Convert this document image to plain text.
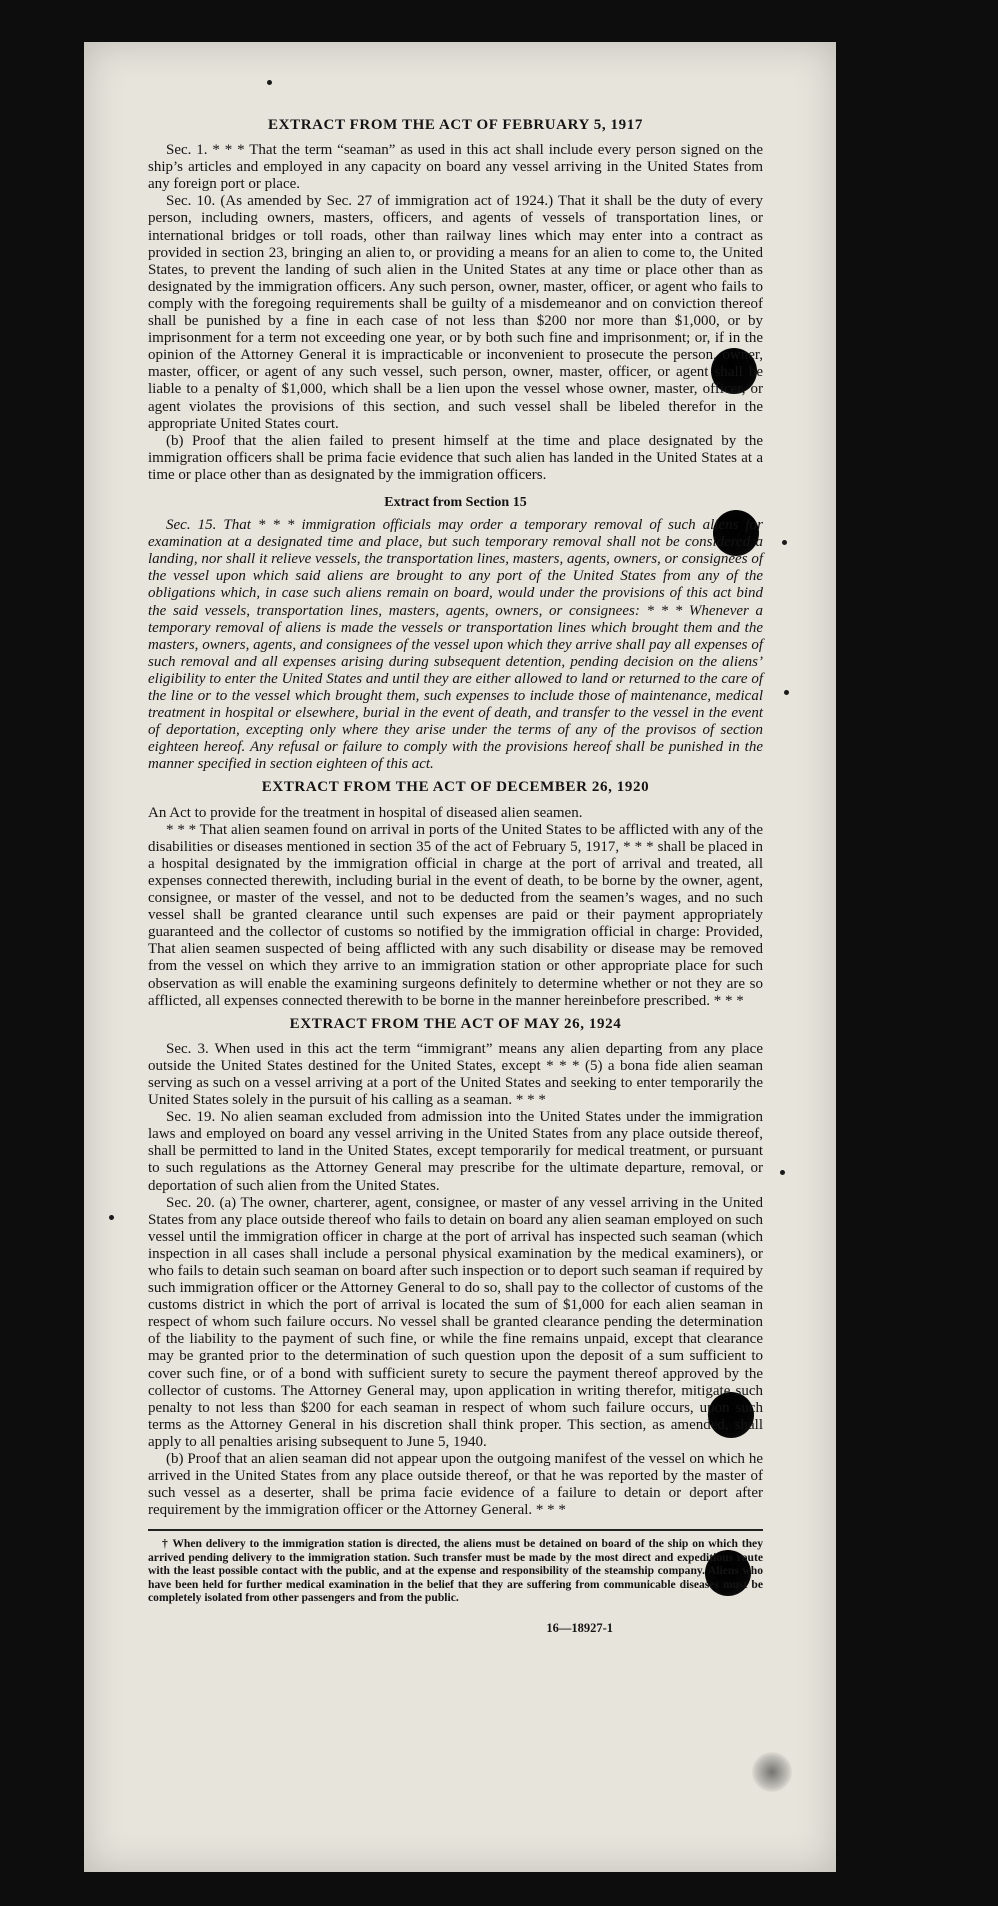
EXTRACT FROM THE ACT OF FEBRUARY 5, 1917

Sec. 1. * * * That the term “seaman” as used in this act shall include every person signed on the ship’s articles and employed in any capacity on board any vessel arriving in the United States from any foreign port or place.

Sec. 10. (As amended by Sec. 27 of immigration act of 1924.) That it shall be the duty of every person, including owners, masters, officers, and agents of vessels of transportation lines, or international bridges or toll roads, other than railway lines which may enter into a contract as provided in section 23, bringing an alien to, or providing a means for an alien to come to, the United States, to prevent the landing of such alien in the United States at any time or place other than as designated by the immigration officers. Any such person, owner, master, officer, or agent who fails to comply with the foregoing requirements shall be guilty of a misdemeanor and on conviction thereof shall be punished by a fine in each case of not less than $200 nor more than $1,000, or by imprisonment for a term not exceeding one year, or by both such fine and imprisonment; or, if in the opinion of the Attorney General it is impracticable or inconvenient to prosecute the person, owner, master, officer, or agent of any such vessel, such person, owner, master, officer, or agent shall be liable to a penalty of $1,000, which shall be a lien upon the vessel whose owner, master, officer, or agent violates the provisions of this section, and such vessel shall be libeled therefor in the appropriate United States court.

(b) Proof that the alien failed to present himself at the time and place designated by the immigration officers shall be prima facie evidence that such alien has landed in the United States at a time or place other than as designated by the immigration officers.

Extract from Section 15

Sec. 15. That * * * immigration officials may order a temporary removal of such aliens for examination at a designated time and place, but such temporary removal shall not be considered a landing, nor shall it relieve vessels, the transportation lines, masters, agents, owners, or consignees of the vessel upon which said aliens are brought to any port of the United States from any of the obligations which, in case such aliens remain on board, would under the provisions of this act bind the said vessels, transportation lines, masters, agents, owners, or consignees: * * * Whenever a temporary removal of aliens is made the vessels or transportation lines which brought them and the masters, owners, agents, and consignees of the vessel upon which they arrive shall pay all expenses of such removal and all expenses arising during subsequent detention, pending decision on the aliens’ eligibility to enter the United States and until they are either allowed to land or returned to the care of the line or to the vessel which brought them, such expenses to include those of maintenance, medical treatment in hospital or elsewhere, burial in the event of death, and transfer to the vessel in the event of deportation, excepting only where they arise under the terms of any of the provisos of section eighteen hereof. Any refusal or failure to comply with the provisions hereof shall be punished in the manner specified in section eighteen of this act.

EXTRACT FROM THE ACT OF DECEMBER 26, 1920

An Act to provide for the treatment in hospital of diseased alien seamen.

* * * That alien seamen found on arrival in ports of the United States to be afflicted with any of the disabilities or diseases mentioned in section 35 of the act of February 5, 1917, * * * shall be placed in a hospital designated by the immigration official in charge at the port of arrival and treated, all expenses connected therewith, including burial in the event of death, to be borne by the owner, agent, consignee, or master of the vessel, and not to be deducted from the seamen’s wages, and no such vessel shall be granted clearance until such expenses are paid or their payment appropriately guaranteed and the collector of customs so notified by the immigration official in charge: Provided, That alien seamen suspected of being afflicted with any such disability or disease may be removed from the vessel on which they arrive to an immigration station or other appropriate place for such observation as will enable the examining surgeons definitely to determine whether or not they are so afflicted, all expenses connected therewith to be borne in the manner hereinbefore prescribed. * * *

EXTRACT FROM THE ACT OF MAY 26, 1924

Sec. 3. When used in this act the term “immigrant” means any alien departing from any place outside the United States destined for the United States, except * * * (5) a bona fide alien seaman serving as such on a vessel arriving at a port of the United States and seeking to enter temporarily the United States solely in the pursuit of his calling as a seaman. * * *

Sec. 19. No alien seaman excluded from admission into the United States under the immigration laws and employed on board any vessel arriving in the United States from any place outside thereof, shall be permitted to land in the United States, except temporarily for medical treatment, or pursuant to such regulations as the Attorney General may prescribe for the ultimate departure, removal, or deportation of such alien from the United States.

Sec. 20. (a) The owner, charterer, agent, consignee, or master of any vessel arriving in the United States from any place outside thereof who fails to detain on board any alien seaman employed on such vessel until the immigration officer in charge at the port of arrival has inspected such seaman (which inspection in all cases shall include a personal physical examination by the medical examiners), or who fails to detain such seaman on board after such inspection or to deport such seaman if required by such immigration officer or the Attorney General to do so, shall pay to the collector of customs of the customs district in which the port of arrival is located the sum of $1,000 for each alien seaman in respect of whom such failure occurs. No vessel shall be granted clearance pending the determination of the liability to the payment of such fine, or while the fine remains unpaid, except that clearance may be granted prior to the determination of such question upon the deposit of a sum sufficient to cover such fine, or of a bond with sufficient surety to secure the payment thereof approved by the collector of customs. The Attorney General may, upon application in writing therefor, mitigate such penalty to not less than $200 for each seaman in respect of whom such failure occurs, upon such terms as the Attorney General in his discretion shall think proper. This section, as amended, shall apply to all penalties arising subsequent to June 5, 1940.

(b) Proof that an alien seaman did not appear upon the outgoing manifest of the vessel on which he arrived in the United States from any place outside thereof, or that he was reported by the master of such vessel as a deserter, shall be prima facie evidence of a failure to detain or deport after requirement by the immigration officer or the Attorney General. * * *

† When delivery to the immigration station is directed, the aliens must be detained on board of the ship on which they arrived pending delivery to the immigration station. Such transfer must be made by the most direct and expeditious route with the least possible contact with the public, and at the expense and responsibility of the steamship company. Aliens who have been held for further medical examination in the belief that they are suffering from communicable diseases must be completely isolated from other passengers and from the public.

16—18927-1
